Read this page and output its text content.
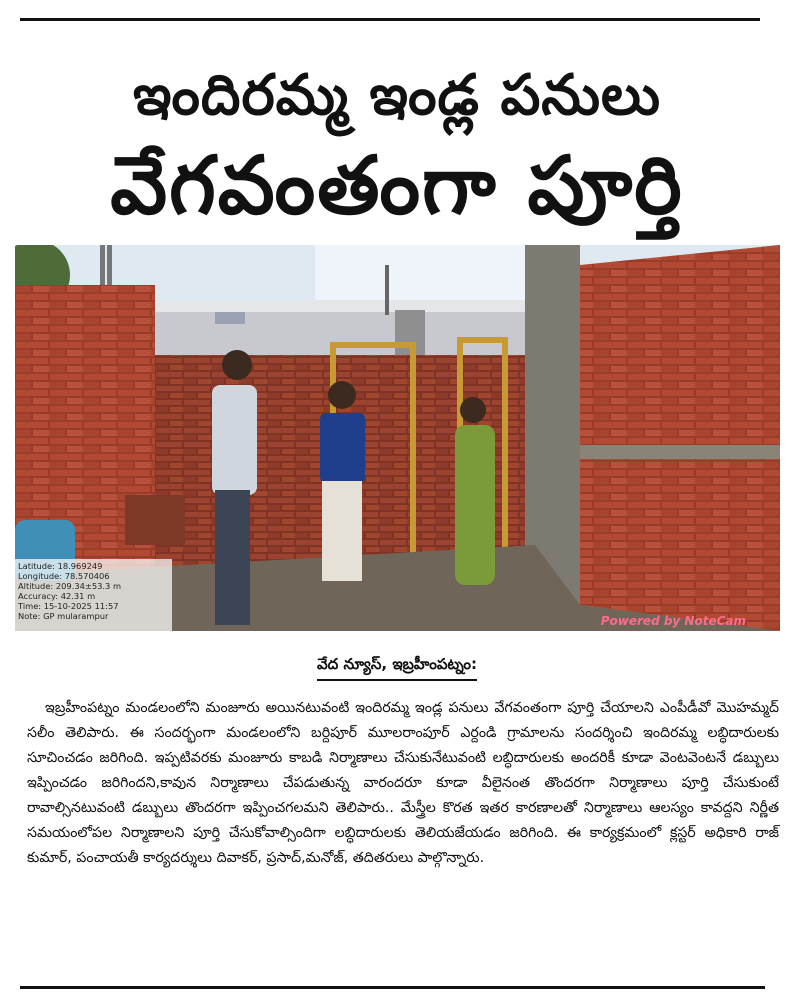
ఇందిరమ్మ ఇండ్ల పనులు
వేగవంతంగా పూర్తి
Latitude: 18.969249
Longitude: 78.570406
Altitude: 209.34±53.3 m
Accuracy: 42.31 m
Time: 15-10-2025 11:57
Note: GP mularampur	Powered by NoteCam
వేద న్యూస్, ఇబ్రహీంపట్నం:
ఇబ్రహీంపట్నం మండలంలోని మంజూరు అయినటువంటి ఇందిరమ్మ ఇండ్ల పనులు వేగవంతంగా పూర్తి చేయాలని ఎంపీడీవో మొహమ్మద్ సలీం తెలిపారు. ఈ సందర్భంగా మండలంలోని బర్దిపూర్ మూలరాంపూర్ ఎర్దండి గ్రామాలను సందర్శించి ఇందిరమ్మ లబ్ధిదారులకు సూచించడం జరిగింది. ఇప్పటివరకు మంజూరు కాబడి నిర్మాణాలు చేసుకునేటువంటి లబ్ధిదారులకు అందరికీ కూడా వెంటవెంటనే డబ్బులు ఇప్పించడం జరిగిందని,కావున నిర్మాణాలు చేపడుతున్న వారందరూ కూడా వీలైనంత తొందరగా నిర్మాణాలు పూర్తి చేసుకుంటే రావాల్సినటువంటి డబ్బులు తొందరగా ఇప్పించగలమని తెలిపారు.. మేస్త్రీల కొరత ఇతర కారణాలతో నిర్మాణాలు ఆలస్యం కావద్దని నిర్ణీత సమయంలోపల నిర్మాణాలని పూర్తి చేసుకోవాల్సిందిగా లబ్ధిదారులకు తెలియజేయడం జరిగింది. ఈ కార్యక్రమంలో క్లస్టర్ అధికారి రాజ్ కుమార్, పంచాయతీ కార్యదర్శులు దివాకర్, ప్రసాద్,మనోజ్, తదితరులు పాల్గొన్నారు.
